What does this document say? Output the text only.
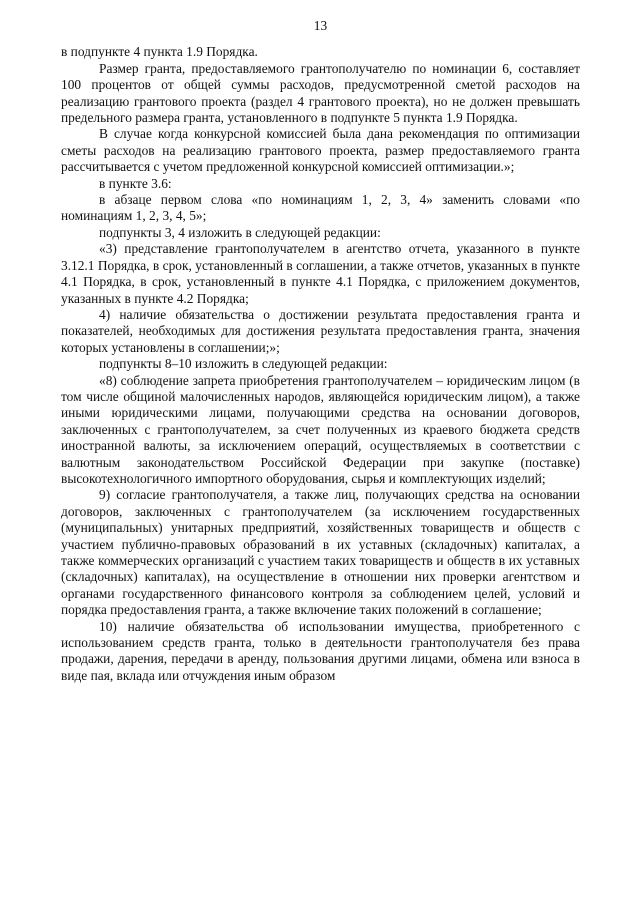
13

в подпункте 4 пункта 1.9 Порядка.

Размер гранта, предоставляемого грантополучателю по номинации 6, составляет 100 процентов от общей суммы расходов, предусмотренной сметой расходов на реализацию грантового проекта (раздел 4 грантового проекта), но не должен превышать предельного размера гранта, установленного в подпункте 5 пункта 1.9 Порядка.

В случае когда конкурсной комиссией была дана рекомендация по оптимизации сметы расходов на реализацию грантового проекта, размер предоставляемого гранта рассчитывается с учетом предложенной конкурсной комиссией оптимизации.»;

в пункте 3.6:

в абзаце первом слова «по номинациям 1, 2, 3, 4» заменить словами «по номинациям 1, 2, 3, 4, 5»;

подпункты 3, 4 изложить в следующей редакции:

«3) представление грантополучателем в агентство отчета, указанного в пункте 3.12.1 Порядка, в срок, установленный в соглашении, а также отчетов, указанных в пункте 4.1 Порядка, в срок, установленный в пункте 4.1 Порядка, с приложением документов, указанных в пункте 4.2 Порядка;

4) наличие обязательства о достижении результата предоставления гранта и показателей, необходимых для достижения результата предоставления гранта, значения которых установлены в соглашении;»;

подпункты 8–10 изложить в следующей редакции:

«8) соблюдение запрета приобретения грантополучателем – юридическим лицом (в том числе общиной малочисленных народов, являющейся юридическим лицом), а также иными юридическими лицами, получающими средства на основании договоров, заключенных с грантополучателем, за счет полученных из краевого бюджета средств иностранной валюты, за исключением операций, осуществляемых в соответствии с валютным законодательством Российской Федерации при закупке (поставке) высокотехнологичного импортного оборудования, сырья и комплектующих изделий;

9) согласие грантополучателя, а также лиц, получающих средства на основании договоров, заключенных с грантополучателем (за исключением государственных (муниципальных) унитарных предприятий, хозяйственных товариществ и обществ с участием публично-правовых образований в их уставных (складочных) капиталах, а также коммерческих организаций с участием таких товариществ и обществ в их уставных (складочных) капиталах), на осуществление в отношении них проверки агентством и органами государственного финансового контроля за соблюдением целей, условий и порядка предоставления гранта, а также включение таких положений в соглашение;

10) наличие обязательства об использовании имущества, приобретенного с использованием средств гранта, только в деятельности грантополучателя без права продажи, дарения, передачи в аренду, пользования другими лицами, обмена или взноса в виде пая, вклада или отчуждения иным образом
